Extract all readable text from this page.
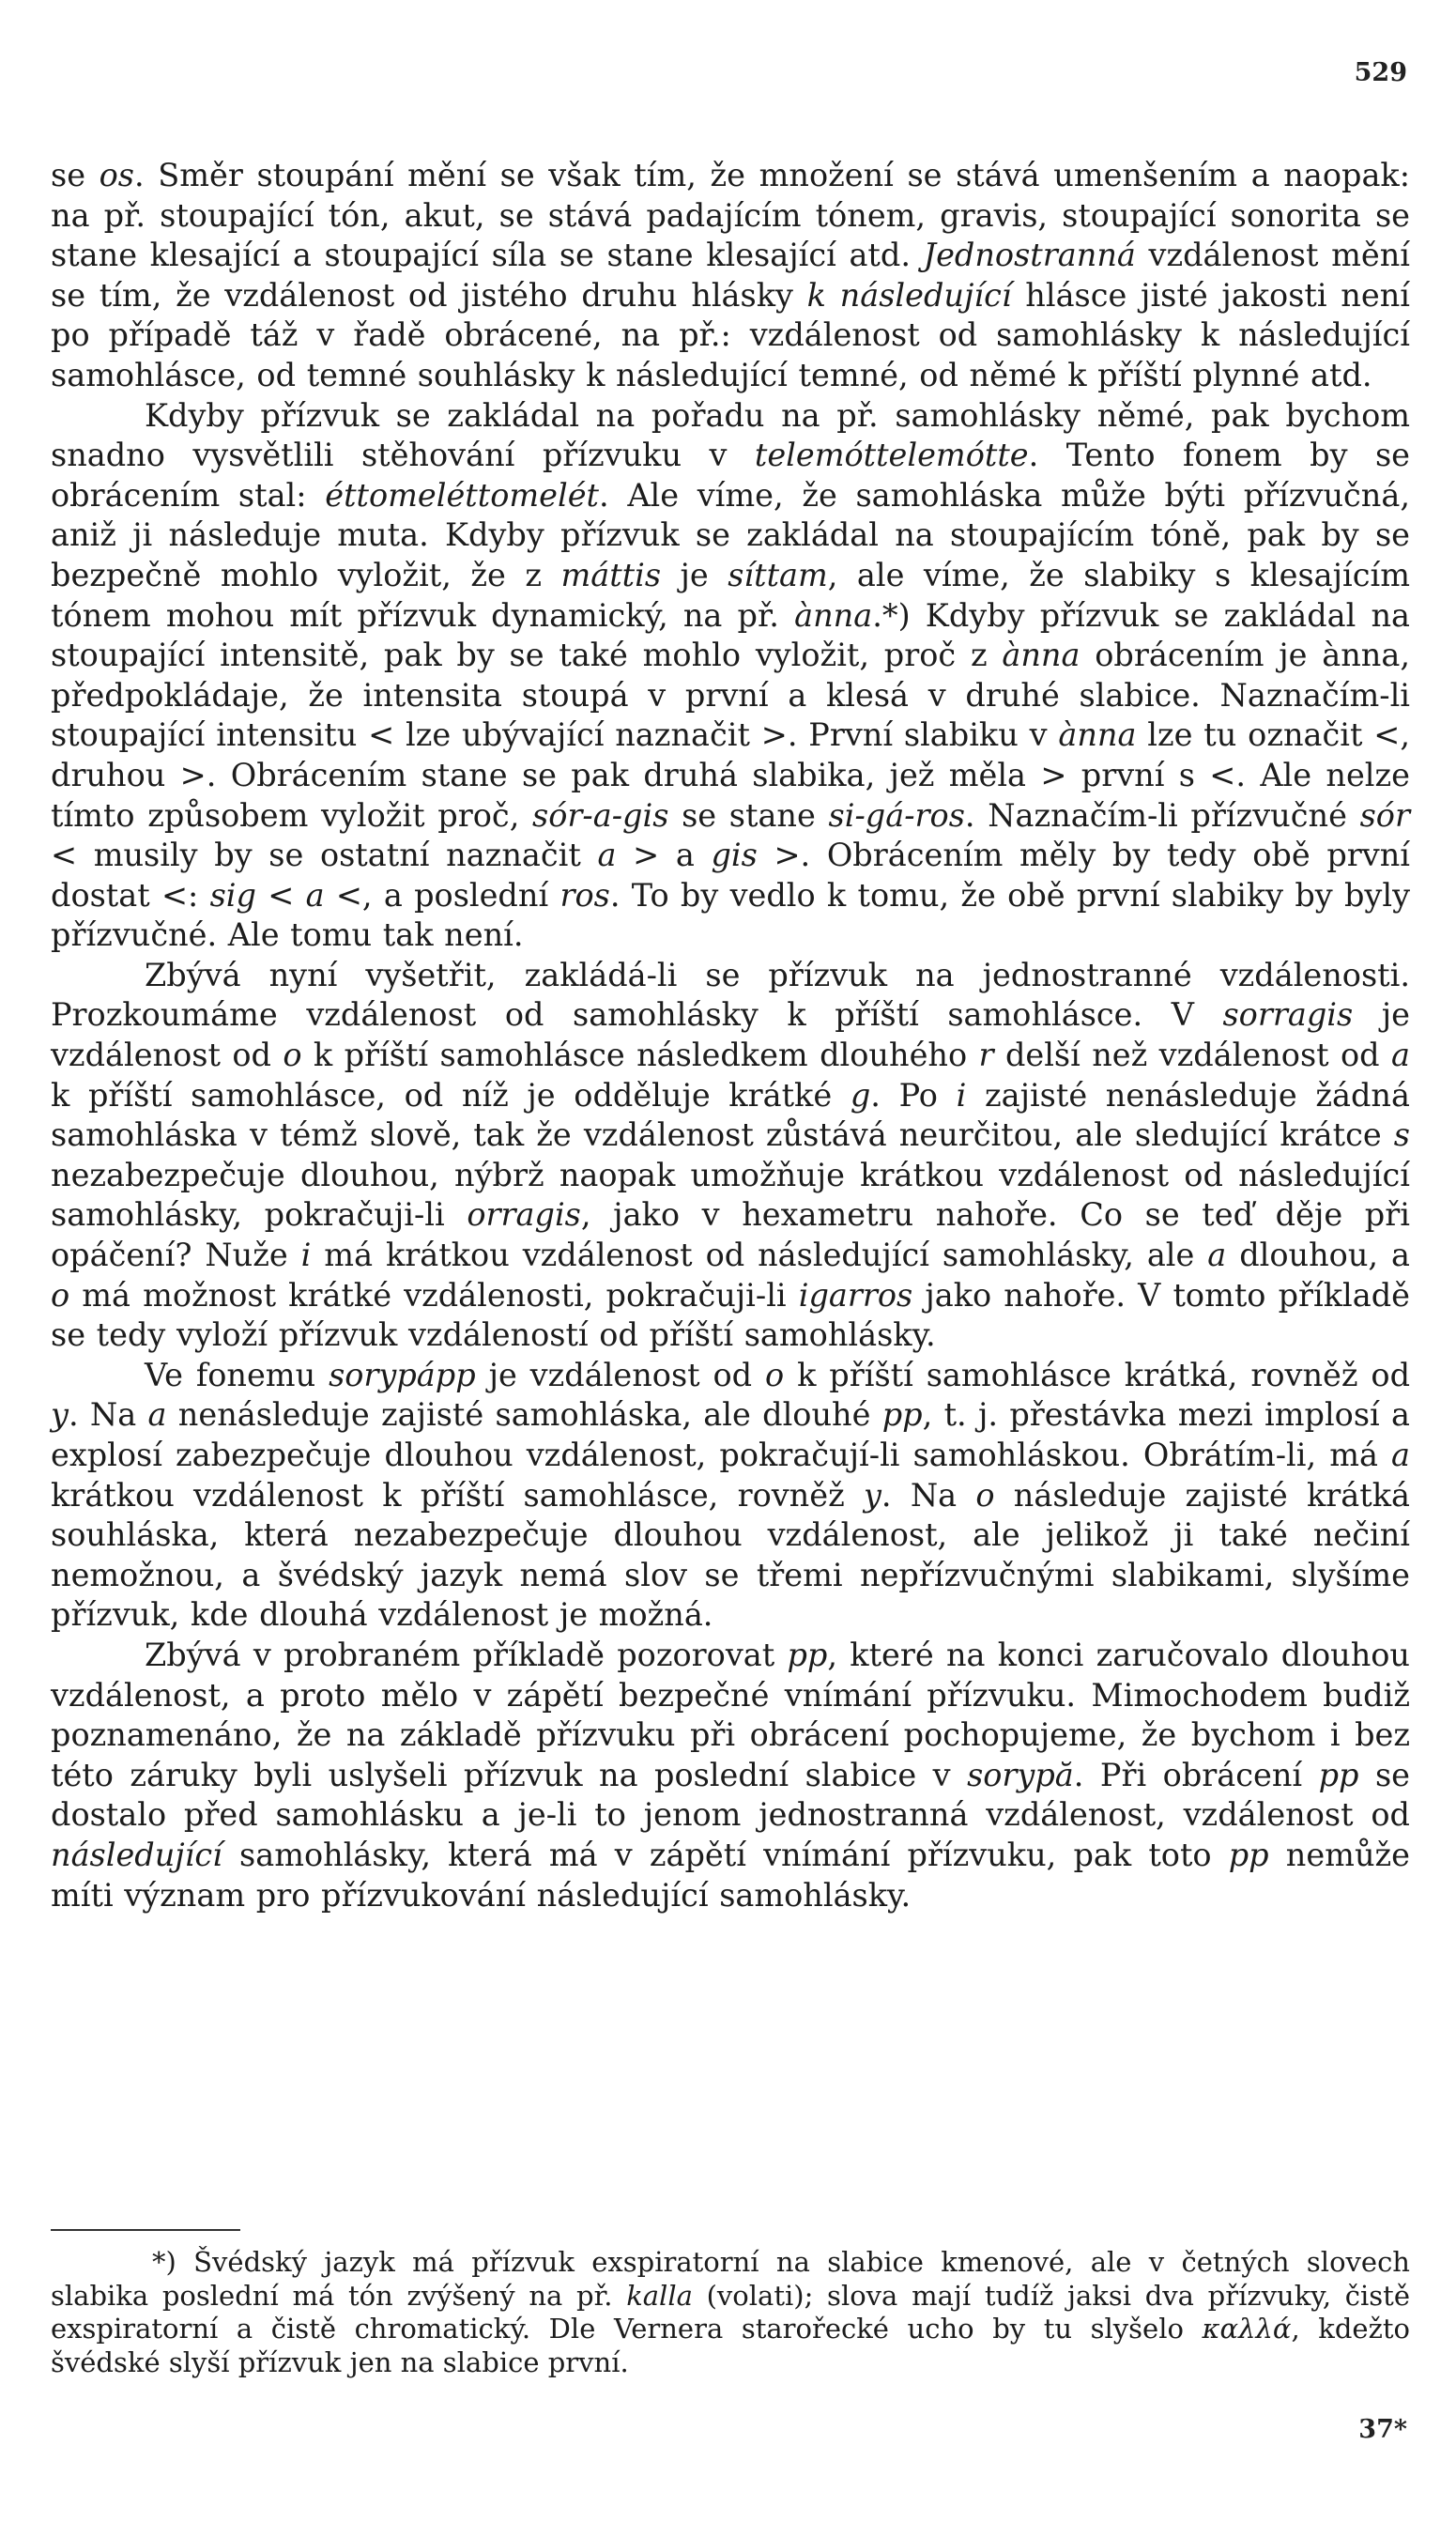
529

se os. Směr stoupání mění se však tím, že množení se stává umenšením a naopak: na př. stoupající tón, akut, se stává padajícím tónem, gravis, stoupající sonorita se stane klesající a stoupající síla se stane klesající atd. Jednostranná vzdálenost mění se tím, že vzdálenost od jistého druhu hlásky k následující hlásce jisté jakosti není po případě táž v řadě obrácené, na př.: vzdálenost od samohlásky k následující samohlásce, od temné souhlásky k následující temné, od němé k příští plynné atd.

Kdyby přízvuk se zakládal na pořadu na př. samohlásky němé, pak bychom snadno vysvětlili stěhování přízvuku v telemóttelemótte. Tento fonem by se obrácením stal: éttomeléttomelét. Ale víme, že samohláska může býti přízvučná, aniž ji následuje muta. Kdyby přízvuk se zakládal na stoupajícím tóně, pak by se bezpečně mohlo vyložit, že z máttis je síttam, ale víme, že slabiky s klesajícím tónem mohou mít přízvuk dynamický, na př. ànna.*) Kdyby přízvuk se zakládal na stoupající intensitě, pak by se také mohlo vyložit, proč z ànna obrácením je ànna, předpokládaje, že intensita stoupá v první a klesá v druhé slabice. Naznačím-li stoupající intensitu < lze ubývající naznačit >. První slabiku v ànna lze tu označit <, druhou >. Obrácením stane se pak druhá slabika, jež měla > první s <. Ale nelze tímto způsobem vyložit proč, sór-a-gis se stane si-gá-ros. Naznačím-li přízvučné sór < musily by se ostatní naznačit a > a gis >. Obrácením měly by tedy obě první dostat <: sig < a <, a poslední ros. To by vedlo k tomu, že obě první slabiky by byly přízvučné. Ale tomu tak není.

Zbývá nyní vyšetřit, zakládá-li se přízvuk na jednostranné vzdálenosti. Prozkoumáme vzdálenost od samohlásky k příští samohlásce. V sorragis je vzdálenost od o k příští samohlásce následkem dlouhého r delší než vzdálenost od a k příští samohlásce, od níž je odděluje krátké g. Po i zajisté nenásleduje žádná samohláska v témž slově, tak že vzdálenost zůstává neurčitou, ale sledující krátce s nezabezpečuje dlouhou, nýbrž naopak umožňuje krátkou vzdálenost od následující samohlásky, pokračuji-li orragis, jako v hexametru nahoře. Co se teď děje při opáčení? Nuže i má krátkou vzdálenost od následující samohlásky, ale a dlouhou, a o má možnost krátké vzdálenosti, pokračuji-li igarros jako nahoře. V tomto příkladě se tedy vyloží přízvuk vzdáleností od příští samohlásky.

Ve fonemu sorypápp je vzdálenost od o k příští samohlásce krátká, rovněž od y. Na a nenásleduje zajisté samohláska, ale dlouhé pp, t. j. přestávka mezi implosí a explosí zabezpečuje dlouhou vzdálenost, pokračují-li samohláskou. Obrátím-li, má a krátkou vzdálenost k příští samohlásce, rovněž y. Na o následuje zajisté krátká souhláska, která nezabezpečuje dlouhou vzdálenost, ale jelikož ji také nečiní nemožnou, a švédský jazyk nemá slov se třemi nepřízvučnými slabikami, slyšíme přízvuk, kde dlouhá vzdálenost je možná.

Zbývá v probraném příkladě pozorovat pp, které na konci zaručovalo dlouhou vzdálenost, a proto mělo v zápětí bezpečné vnímání přízvuku. Mimochodem budiž poznamenáno, že na základě přízvuku při obrácení pochopujeme, že bychom i bez této záruky byli uslyšeli přízvuk na poslední slabice v sorypă. Při obrácení pp se dostalo před samohlásku a je-li to jenom jednostranná vzdálenost, vzdálenost od následující samohlásky, která má v zápětí vnímání přízvuku, pak toto pp nemůže míti význam pro přízvukování následující samohlásky.

*) Švédský jazyk má přízvuk exspiratorní na slabice kmenové, ale v četných slovech slabika poslední má tón zvýšený na př. kalla (volati); slova mají tudíž jaksi dva přízvuky, čistě exspiratorní a čistě chromatický. Dle Vernera starořecké ucho by tu slyšelo καλλά, kdežto švédské slyší přízvuk jen na slabice první.
37*
